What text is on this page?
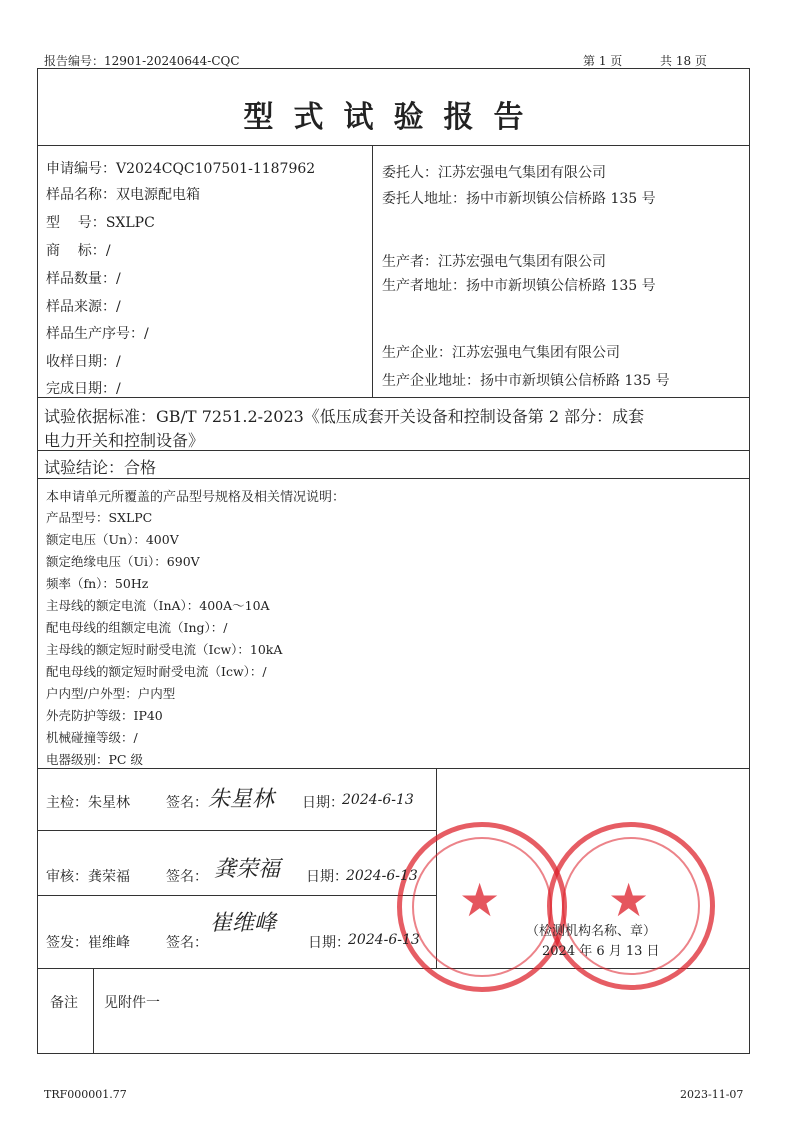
报告编号：12901-20240644-CQC	第 1 页	共 18 页
型式试验报告
申请编号：V2024CQC107501-1187962
样品名称：双电源配电箱
型    号：SXLPC
商    标：/
样品数量：/
样品来源：/
样品生产序号：/
收样日期：/
完成日期：/
委托人：江苏宏强电气集团有限公司
委托人地址：扬中市新坝镇公信桥路 135 号
生产者：江苏宏强电气集团有限公司
生产者地址：扬中市新坝镇公信桥路 135 号
生产企业：江苏宏强电气集团有限公司
生产企业地址：扬中市新坝镇公信桥路 135 号
试验依据标准：GB/T 7251.2-2023《低压成套开关设备和控制设备第 2 部分：成套
电力开关和控制设备》
试验结论：合格
本申请单元所覆盖的产品型号规格及相关情况说明：
产品型号：SXLPC
额定电压（Un）：400V
额定绝缘电压（Ui）：690V
频率（fn）：50Hz
主母线的额定电流（InA）：400A～10A
配电母线的组额定电流（Ing）：/
主母线的额定短时耐受电流（Icw）：10kA
配电母线的额定短时耐受电流（Icw）：/
户内型/户外型：户内型
外壳防护等级：IP40
机械碰撞等级：/
电器级别：PC 级
★ ★
主检：朱星林	签名： 朱星林 日期：
2024-6-13
审核：龚荣福	签名： 龚荣福 日期：
2024-6-13
签发：崔维峰	签名：
崔维峰
日期：
2024-6-13
（检测机构名称、章）
2024 年 6 月 13 日
备注 见附件一
TRF000001.77	2023-11-07
